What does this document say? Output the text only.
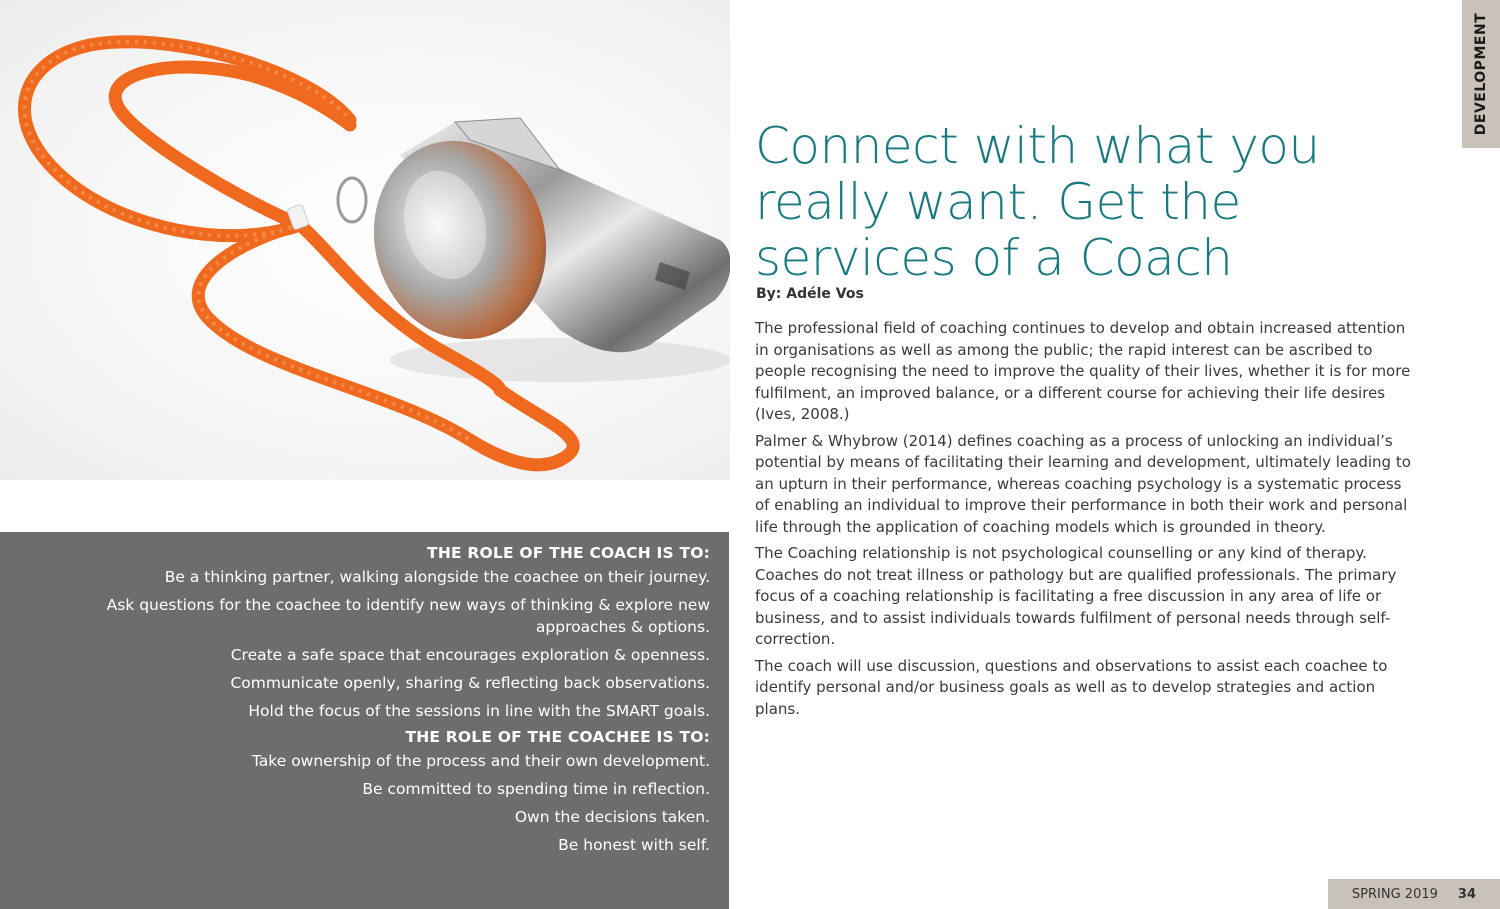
DEVELOPMENT
Connect with what you really want. Get the services of a Coach
By: Adéle Vos

The professional field of coaching continues to develop and obtain increased attention in organisations as well as among the public; the rapid interest can be ascribed to people recognising the need to improve the quality of their lives, whether it is for more fulfilment, an improved balance, or a different course for achieving their life desires (Ives, 2008.)

Palmer & Whybrow (2014) defines coaching as a process of unlocking an individual’s potential by means of facilitating their learning and development, ultimately leading to an upturn in their performance, whereas coaching psychology is a systematic process of enabling an individual to improve their performance in both their work and personal life through the application of coaching models which is grounded in theory.

The Coaching relationship is not psychological counselling or any kind of therapy. Coaches do not treat illness or pathology but are qualified professionals. The primary focus of a coaching relationship is facilitating a free discussion in any area of life or business, and to assist individuals towards fulfilment of personal needs through self-correction.

The coach will use discussion, questions and observations to assist each coachee to identify personal and/or business goals as well as to develop strategies and action plans.

THE ROLE OF THE COACH IS TO:
Be a thinking partner, walking alongside the coachee on their journey.
Ask questions for the coachee to identify new ways of thinking & explore new approaches & options.
Create a safe space that encourages exploration & openness.
Communicate openly, sharing & reflecting back observations.
Hold the focus of the sessions in line with the SMART goals.
THE ROLE OF THE COACHEE IS TO:
Take ownership of the process and their own development.
Be committed to spending time in reflection.
Own the decisions taken.
Be honest with self.
SPRING 2019 34
